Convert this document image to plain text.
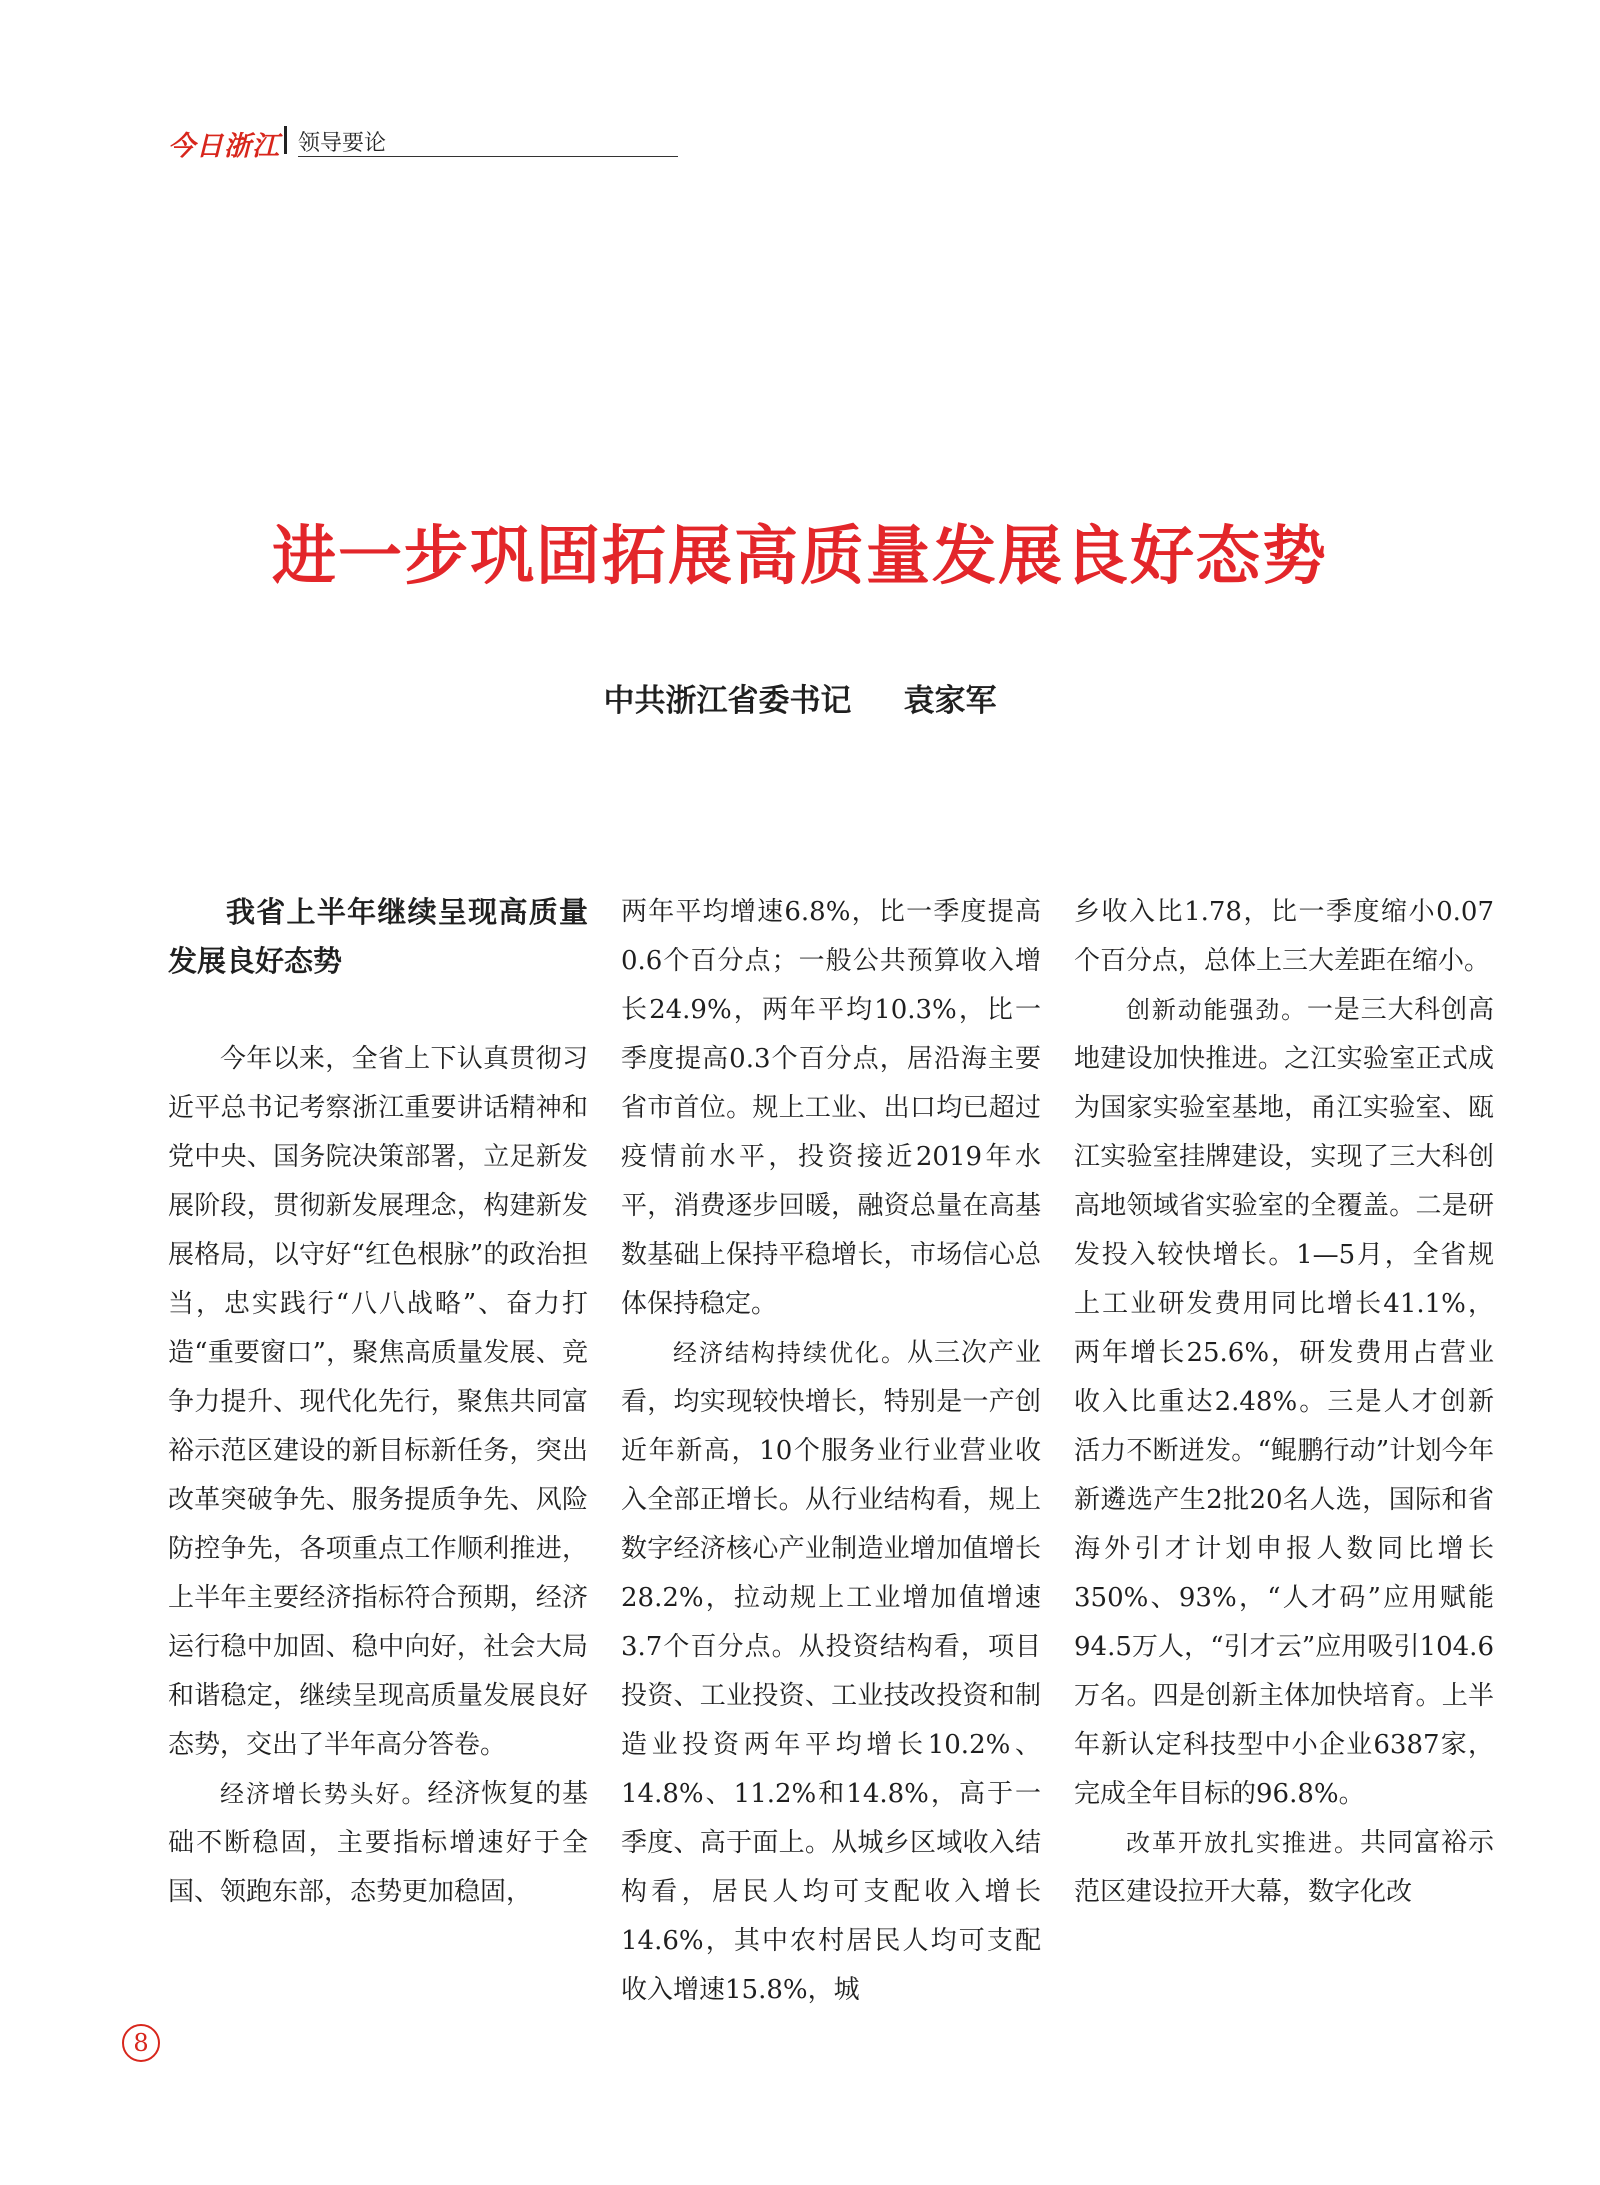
今日浙江 领导要论
进一步巩固拓展高质量发展良好态势
中共浙江省委书记 袁家军

我省上半年继续呈现高质量发展良好态势

今年以来，全省上下认真贯彻习近平总书记考察浙江重要讲话精神和党中央、国务院决策部署，立足新发展阶段，贯彻新发展理念，构建新发展格局，以守好“红色根脉”的政治担当，忠实践行“八八战略”、奋力打造“重要窗口”，聚焦高质量发展、竞争力提升、现代化先行，聚焦共同富裕示范区建设的新目标新任务，突出改革突破争先、服务提质争先、风险防控争先，各项重点工作顺利推进，上半年主要经济指标符合预期，经济运行稳中加固、稳中向好，社会大局和谐稳定，继续呈现高质量发展良好态势，交出了半年高分答卷。

经济增长势头好。经济恢复的基础不断稳固，主要指标增速好于全国、领跑东部，态势更加稳固，

两年平均增速6.8%，比一季度提高0.6个百分点；一般公共预算收入增长24.9%，两年平均10.3%，比一季度提高0.3个百分点，居沿海主要省市首位。规上工业、出口均已超过疫情前水平，投资接近2019年水平，消费逐步回暖，融资总量在高基数基础上保持平稳增长，市场信心总体保持稳定。

经济结构持续优化。从三次产业看，均实现较快增长，特别是一产创近年新高，10个服务业行业营业收入全部正增长。从行业结构看，规上数字经济核心产业制造业增加值增长28.2%，拉动规上工业增加值增速3.7个百分点。从投资结构看，项目投资、工业投资、工业技改投资和制造业投资两年平均增长10.2%、14.8%、11.2%和14.8%，高于一季度、高于面上。从城乡区域收入结构看，居民人均可支配收入增长14.6%，其中农村居民人均可支配收入增速15.8%，城

乡收入比1.78，比一季度缩小0.07个百分点，总体上三大差距在缩小。

创新动能强劲。一是三大科创高地建设加快推进。之江实验室正式成为国家实验室基地，甬江实验室、瓯江实验室挂牌建设，实现了三大科创高地领域省实验室的全覆盖。二是研发投入较快增长。1—5月，全省规上工业研发费用同比增长41.1%，两年增长25.6%，研发费用占营业收入比重达2.48%。三是人才创新活力不断迸发。“鲲鹏行动”计划今年新遴选产生2批20名人选，国际和省海外引才计划申报人数同比增长350%、93%，“人才码”应用赋能94.5万人，“引才云”应用吸引104.6万名。四是创新主体加快培育。上半年新认定科技型中小企业6387家，完成全年目标的96.8%。

改革开放扎实推进。共同富裕示范区建设拉开大幕，数字化改

8
